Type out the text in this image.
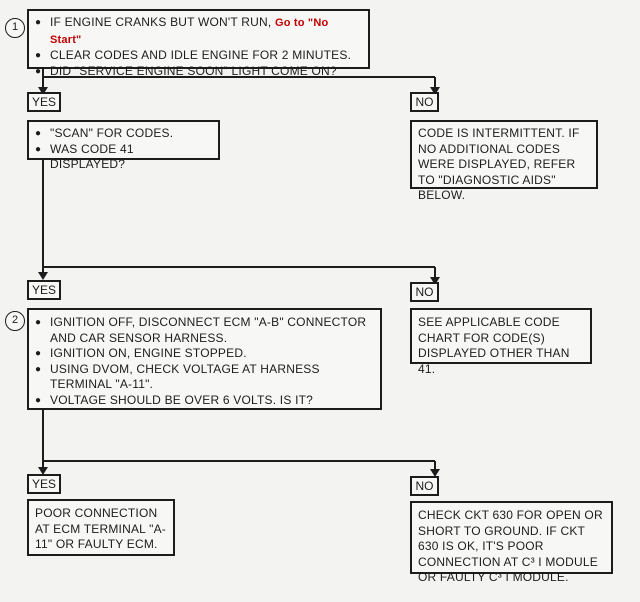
1	● IF ENGINE CRANKS BUT WON'T RUN, Go to "No Start"
● CLEAR CODES AND IDLE ENGINE FOR 2 MINUTES.
● DID "SERVICE ENGINE SOON" LIGHT COME ON?
YES	NO
● "SCAN" FOR CODES.
● WAS CODE 41 DISPLAYED?
CODE IS INTERMITTENT. IF NO ADDITIONAL CODES WERE DISPLAYED, REFER TO "DIAGNOSTIC AIDS" BELOW.
YES	NO
2	● IGNITION OFF, DISCONNECT ECM "A-B" CONNECTOR AND CAR SENSOR HARNESS.
● IGNITION ON, ENGINE STOPPED.
● USING DVOM, CHECK VOLTAGE AT HARNESS TERMINAL "A-11".
● VOLTAGE SHOULD BE OVER 6 VOLTS. IS IT?
SEE APPLICABLE CODE CHART FOR CODE(S) DISPLAYED OTHER THAN 41.
YES	NO
POOR CONNECTION AT ECM TERMINAL "A-11" OR FAULTY ECM.
CHECK CKT 630 FOR OPEN OR SHORT TO GROUND. IF CKT 630 IS OK, IT'S POOR CONNECTION AT C³ I MODULE OR FAULTY C³ I MODULE.
